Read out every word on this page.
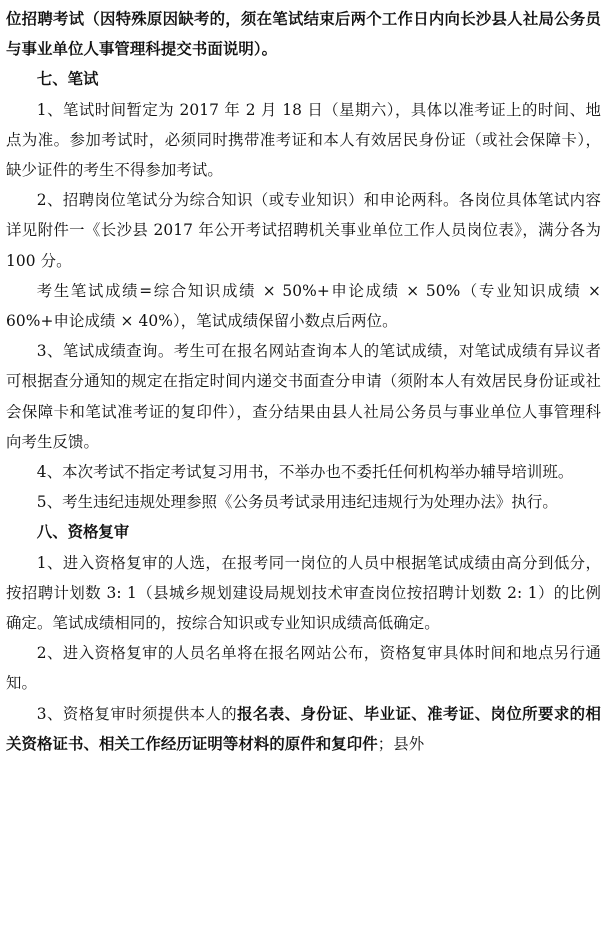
位招聘考试（因特殊原因缺考的，须在笔试结束后两个工作日内向长沙县人社局公务员与事业单位人事管理科提交书面说明）。

七、笔试

1、笔试时间暂定为 2017 年 2 月 18 日（星期六），具体以准考证上的时间、地点为准。参加考试时，必须同时携带准考证和本人有效居民身份证（或社会保障卡），缺少证件的考生不得参加考试。

2、招聘岗位笔试分为综合知识（或专业知识）和申论两科。各岗位具体笔试内容详见附件一《长沙县 2017 年公开考试招聘机关事业单位工作人员岗位表》，满分各为 100 分。

考生笔试成绩=综合知识成绩 × 50%+申论成绩 × 50%（专业知识成绩 × 60%+申论成绩 × 40%），笔试成绩保留小数点后两位。

3、笔试成绩查询。考生可在报名网站查询本人的笔试成绩，对笔试成绩有异议者可根据查分通知的规定在指定时间内递交书面查分申请（须附本人有效居民身份证或社会保障卡和笔试准考证的复印件），查分结果由县人社局公务员与事业单位人事管理科向考生反馈。

4、本次考试不指定考试复习用书，不举办也不委托任何机构举办辅导培训班。

5、考生违纪违规处理参照《公务员考试录用违纪违规行为处理办法》执行。

八、资格复审

1、进入资格复审的人选，在报考同一岗位的人员中根据笔试成绩由高分到低分，按招聘计划数 3: 1（县城乡规划建设局规划技术审查岗位按招聘计划数 2: 1）的比例确定。笔试成绩相同的，按综合知识或专业知识成绩高低确定。

2、进入资格复审的人员名单将在报名网站公布，资格复审具体时间和地点另行通知。

3、资格复审时须提供本人的报名表、身份证、毕业证、准考证、岗位所要求的相关资格证书、相关工作经历证明等材料的原件和复印件；县外
